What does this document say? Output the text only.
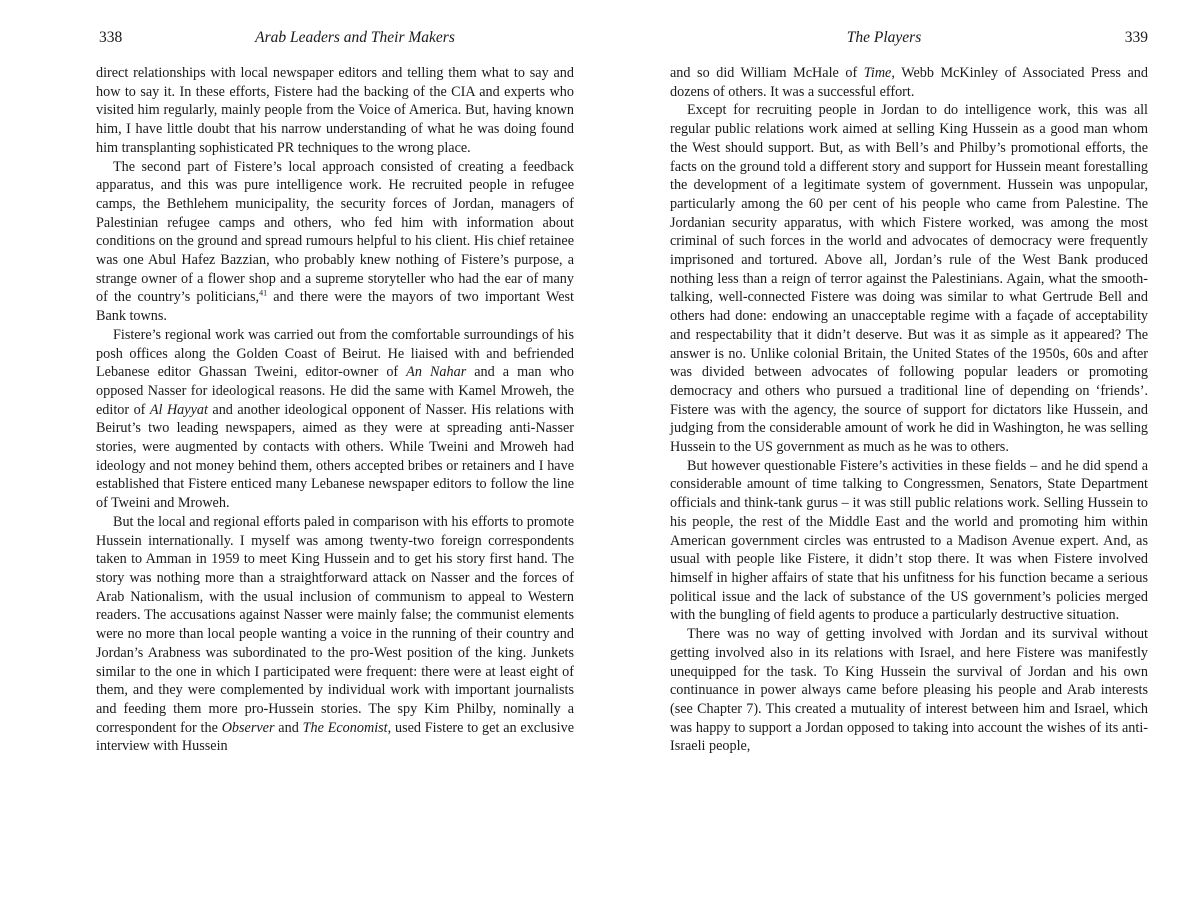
338	Arab Leaders and Their Makers

direct relationships with local newspaper editors and telling them what to say and how to say it. In these efforts, Fistere had the backing of the CIA and experts who visited him regularly, mainly people from the Voice of America. But, having known him, I have little doubt that his narrow understanding of what he was doing found him transplanting sophisticated PR techniques to the wrong place.

The second part of Fistere’s local approach consisted of creating a feedback apparatus, and this was pure intelligence work. He recruited people in refugee camps, the Bethlehem municipality, the security forces of Jordan, managers of Palestinian refugee camps and others, who fed him with information about conditions on the ground and spread rumours helpful to his client. His chief retainee was one Abul Hafez Bazzian, who probably knew nothing of Fistere’s purpose, a strange owner of a flower shop and a supreme storyteller who had the ear of many of the country’s politicians,$^{41}$ and there were the mayors of two important West Bank towns.

Fistere’s regional work was carried out from the comfortable surroundings of his posh offices along the Golden Coast of Beirut. He liaised with and befriended Lebanese editor Ghassan Tweini, editor-owner of An Nahar and a man who opposed Nasser for ideological reasons. He did the same with Kamel Mroweh, the editor of Al Hayyat and another ideological opponent of Nasser. His relations with Beirut’s two leading newspapers, aimed as they were at spreading anti-Nasser stories, were augmented by contacts with others. While Tweini and Mroweh had ideology and not money behind them, others accepted bribes or retainers and I have established that Fistere enticed many Lebanese newspaper editors to follow the line of Tweini and Mroweh.

But the local and regional efforts paled in comparison with his efforts to promote Hussein internationally. I myself was among twenty-two foreign correspondents taken to Amman in 1959 to meet King Hussein and to get his story first hand. The story was nothing more than a straightforward attack on Nasser and the forces of Arab Nationalism, with the usual inclusion of communism to appeal to Western readers. The accusations against Nasser were mainly false; the communist elements were no more than local people wanting a voice in the running of their country and Jordan’s Arabness was subordinated to the pro-West position of the king. Junkets similar to the one in which I participated were frequent: there were at least eight of them, and they were complemented by individual work with important journalists and feeding them more pro-Hussein stories. The spy Kim Philby, nominally a correspondent for the Observer and The Economist, used Fistere to get an exclusive interview with Hussein

The Players	339

and so did William McHale of Time, Webb McKinley of Associated Press and dozens of others. It was a successful effort.

Except for recruiting people in Jordan to do intelligence work, this was all regular public relations work aimed at selling King Hussein as a good man whom the West should support. But, as with Bell’s and Philby’s promotional efforts, the facts on the ground told a different story and support for Hussein meant forestalling the development of a legitimate system of government. Hussein was unpopular, particularly among the 60 per cent of his people who came from Palestine. The Jordanian security apparatus, with which Fistere worked, was among the most criminal of such forces in the world and advocates of democracy were frequently imprisoned and tortured. Above all, Jordan’s rule of the West Bank produced nothing less than a reign of terror against the Palestinians. Again, what the smooth-talking, well-connected Fistere was doing was similar to what Gertrude Bell and others had done: endowing an unacceptable regime with a façade of acceptability and respectability that it didn’t deserve. But was it as simple as it appeared? The answer is no. Unlike colonial Britain, the United States of the 1950s, 60s and after was divided between advocates of following popular leaders or promoting democracy and others who pursued a traditional line of depending on ‘friends’. Fistere was with the agency, the source of support for dictators like Hussein, and judging from the considerable amount of work he did in Washington, he was selling Hussein to the US government as much as he was to others.

But however questionable Fistere’s activities in these fields – and he did spend a considerable amount of time talking to Congressmen, Senators, State Department officials and think-tank gurus – it was still public relations work. Selling Hussein to his people, the rest of the Middle East and the world and promoting him within American government circles was entrusted to a Madison Avenue expert. And, as usual with people like Fistere, it didn’t stop there. It was when Fistere involved himself in higher affairs of state that his unfitness for his function became a serious political issue and the lack of substance of the US government’s policies merged with the bungling of field agents to produce a particularly destructive situation.

There was no way of getting involved with Jordan and its survival without getting involved also in its relations with Israel, and here Fistere was manifestly unequipped for the task. To King Hussein the survival of Jordan and his own continuance in power always came before pleasing his people and Arab interests (see Chapter 7). This created a mutuality of interest between him and Israel, which was happy to support a Jordan opposed to taking into account the wishes of its anti-Israeli people,
